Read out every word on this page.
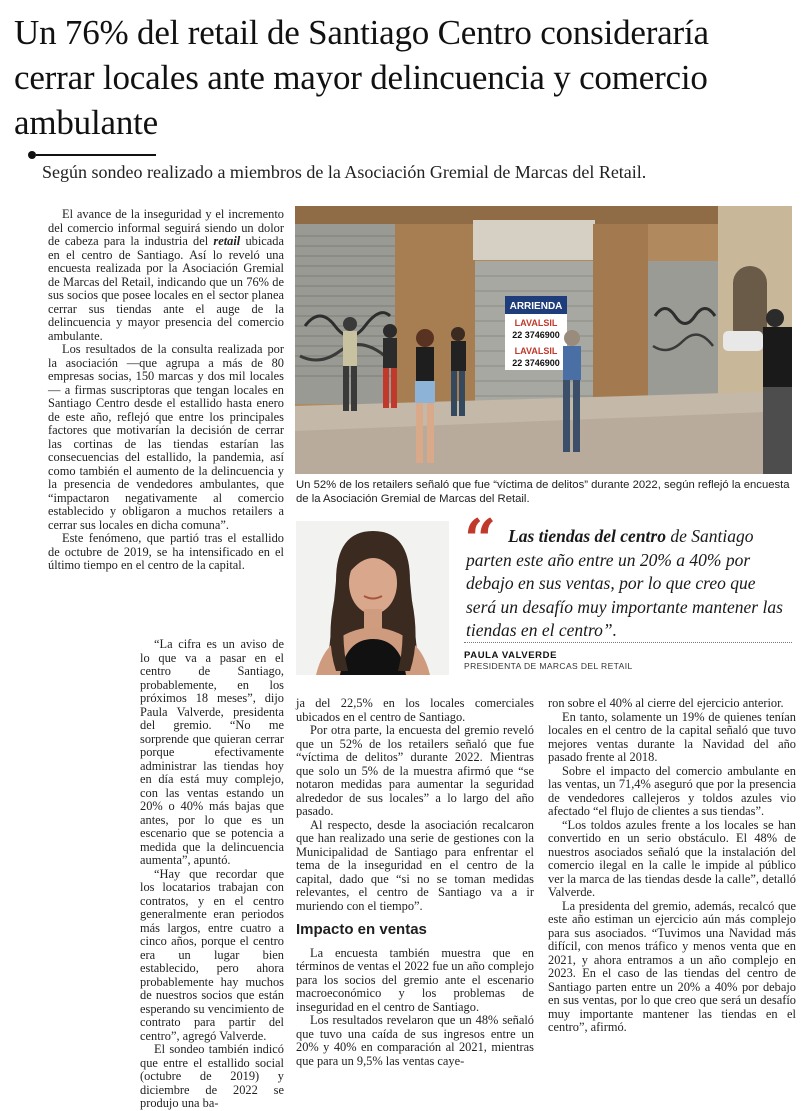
Un 76% del retail de Santiago Centro consideraría cerrar locales ante mayor delincuencia y comercio ambulante

Según sondeo realizado a miembros de la Asociación Gremial de Marcas del Retail.

El avance de la inseguridad y el incremento del comercio informal seguirá siendo un dolor de cabeza para la industria del retail ubicada en el centro de Santiago. Así lo reveló una encuesta realizada por la Asociación Gremial de Marcas del Retail, indicando que un 76% de sus socios que posee locales en el sector planea cerrar sus tiendas ante el auge de la delincuencia y mayor presencia del comercio ambulante.

Los resultados de la consulta realizada por la asociación —que agrupa a más de 80 empresas socias, 150 marcas y dos mil locales— a firmas suscriptoras que tengan locales en Santiago Centro desde el estallido hasta enero de este año, reflejó que entre los principales factores que motivarían la decisión de cerrar las cortinas de las tiendas estarían las consecuencias del estallido, la pandemia, así como también el aumento de la delincuencia y la presencia de vendedores ambulantes, que “impactaron negativamente al comercio establecido y obligaron a muchos retailers a cerrar sus locales en dicha comuna”.

Este fenómeno, que partió tras el estallido de octubre de 2019, se ha intensificado en el último tiempo en el centro de la capital.

“La cifra es un aviso de lo que va a pasar en el centro de Santiago, probablemente, en los próximos 18 meses”, dijo Paula Valverde, presidenta del gremio. “No me sorprende que quieran cerrar porque efectivamente administrar las tiendas hoy en día está muy complejo, con las ventas estando un 20% o 40% más bajas que antes, por lo que es un escenario que se potencia a medida que la delincuencia aumenta”, apuntó.

“Hay que recordar que los locatarios trabajan con contratos, y en el centro generalmente eran periodos más largos, entre cuatro a cinco años, porque el centro era un lugar bien establecido, pero ahora probablemente hay muchos de nuestros socios que están esperando su vencimiento de contrato para partir del centro”, agregó Valverde.

El sondeo también indicó que entre el estallido social (octubre de 2019) y diciembre de 2022 se produjo una ba-

ARRIENDA
LAVALSIL
22 3746900
LAVALSIL
22 3746900

Un 52% de los retailers señaló que fue “víctima de delitos” durante 2022, según reflejó la encuesta de la Asociación Gremial de Marcas del Retail.

“ Las tiendas del centro de Santiago parten este año entre un 20% a 40% por debajo en sus ventas, por lo que creo que será un desafío muy importante mantener las tiendas en el centro”.

PAULA VALVERDE

PRESIDENTA DE MARCAS DEL RETAIL

ja del 22,5% en los locales comerciales ubicados en el centro de Santiago.

Por otra parte, la encuesta del gremio reveló que un 52% de los retailers señaló que fue “víctima de delitos” durante 2022. Mientras que solo un 5% de la muestra afirmó que “se notaron medidas para aumentar la seguridad alrededor de sus locales” a lo largo del año pasado.

Al respecto, desde la asociación recalcaron que han realizado una serie de gestiones con la Municipalidad de Santiago para enfrentar el tema de la inseguridad en el centro de la capital, dado que “si no se toman medidas relevantes, el centro de Santiago va a ir muriendo con el tiempo”.

Impacto en ventas

La encuesta también muestra que en términos de ventas el 2022 fue un año complejo para los socios del gremio ante el escenario macroeconómico y los problemas de inseguridad en el centro de Santiago.

Los resultados revelaron que un 48% señaló que tuvo una caída de sus ingresos entre un 20% y 40% en comparación al 2021, mientras que para un 9,5% las ventas caye-

ron sobre el 40% al cierre del ejercicio anterior.

En tanto, solamente un 19% de quienes tenían locales en el centro de la capital señaló que tuvo mejores ventas durante la Navidad del año pasado frente al 2018.

Sobre el impacto del comercio ambulante en las ventas, un 71,4% aseguró que por la presencia de vendedores callejeros y toldos azules vio afectado “el flujo de clientes a sus tiendas”.

“Los toldos azules frente a los locales se han convertido en un serio obstáculo. El 48% de nuestros asociados señaló que la instalación del comercio ilegal en la calle le impide al público ver la marca de las tiendas desde la calle”, detalló Valverde.

La presidenta del gremio, además, recalcó que este año estiman un ejercicio aún más complejo para sus asociados. “Tuvimos una Navidad más difícil, con menos tráfico y menos venta que en 2021, y ahora entramos a un año complejo en 2023. En el caso de las tiendas del centro de Santiago parten entre un 20% a 40% por debajo en sus ventas, por lo que creo que será un desafío muy importante mantener las tiendas en el centro”, afirmó.
